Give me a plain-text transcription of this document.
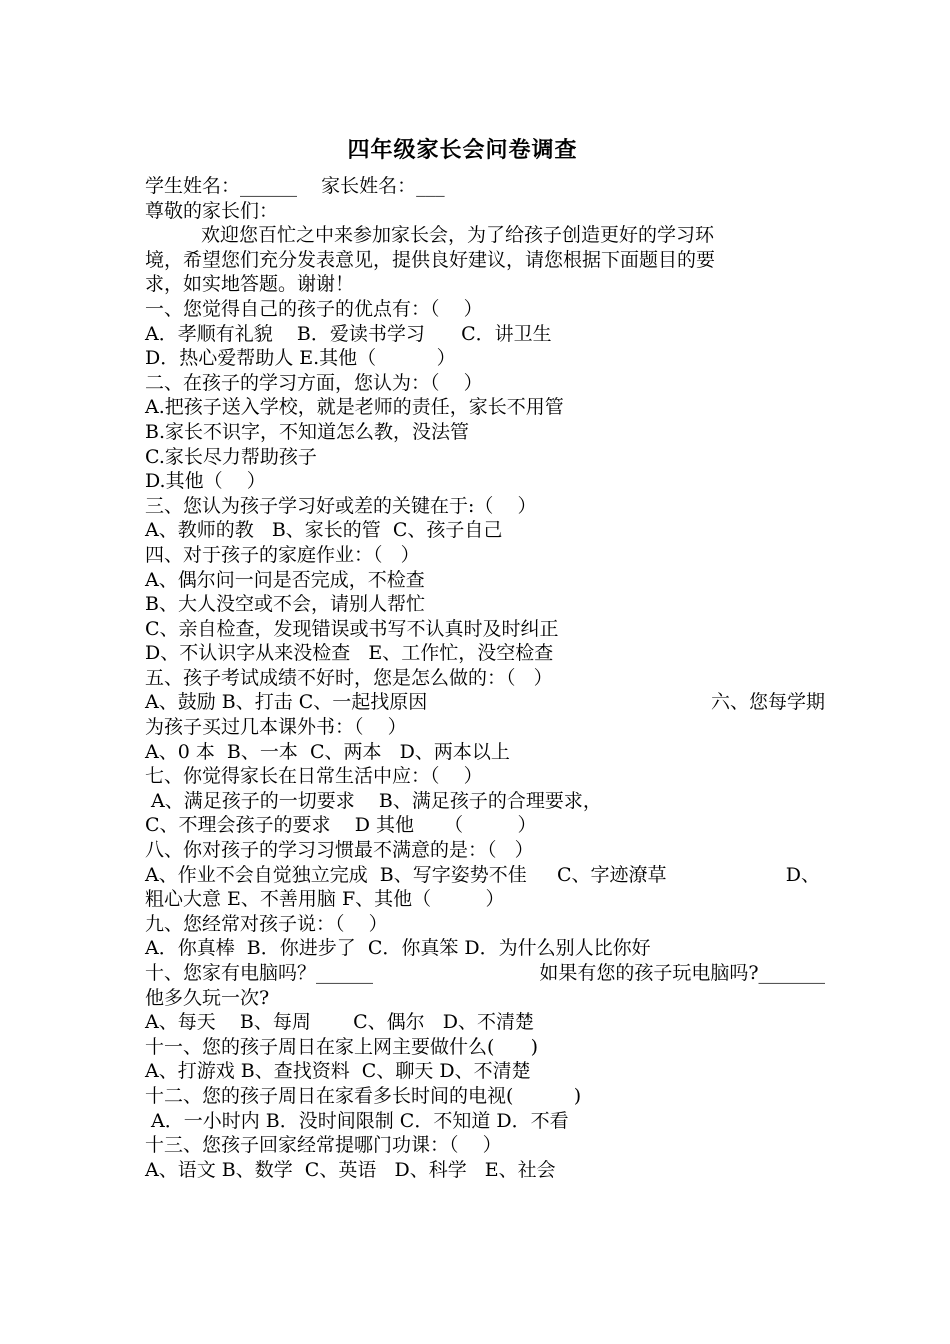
四年级家长会问卷调查
学生姓名：______    家长姓名：___
尊敬的家长们：
欢迎您百忙之中来参加家长会，为了给孩子创造更好的学习环
境，希望您们充分发表意见，提供良好建议，请您根据下面题目的要
求，如实地答题。谢谢！
一、您觉得自己的孩子的优点有：（    ）
A．孝顺有礼貌    B．爱读书学习      C．讲卫生
D．热心爱帮助人 E.其他（          ）
二、在孩子的学习方面，您认为：（    ）
A.把孩子送入学校，就是老师的责任，家长不用管
B.家长不识字，不知道怎么教，没法管
C.家长尽力帮助孩子
D.其他（    ）
三、您认为孩子学习好或差的关键在于:（    ）
A、教师的教   B、家长的管  C、孩子自己
四、对于孩子的家庭作业：（   ）
A、偶尔问一问是否完成，不检查
B、大人没空或不会，请别人帮忙
C、亲自检查，发现错误或书写不认真时及时纠正
D、不认识字从来没检查   E、工作忙，没空检查
五、孩子考试成绩不好时，您是怎么做的：（   ）
A、鼓励 B、打击 C、一起找原因	六、您每学期
为孩子买过几本课外书：（    ）
A、0 本  B、一本  C、两本   D、两本以上
七、你觉得家长在日常生活中应：（    ）
A、满足孩子的一切要求    B、满足孩子的合理要求，
C、不理会孩子的要求    D 其他     （         ）
八、你对孩子的学习习惯最不满意的是：（   ）
A、作业不会自觉独立完成  B、写字姿势不佳     C、字迹潦草	D、
粗心大意 E、不善用脑 F、其他（         ）
九、您经常对孩子说：（    ）
A．你真棒  B．你进步了  C．你真笨 D．为什么别人比你好
十、您家有电脑吗？______	如果有您的孩子玩电脑吗?_______
他多久玩一次?
A、每天    B、每周       C、偶尔   D、不清楚
十一、您的孩子周日在家上网主要做什么(      )
A、打游戏 B、查找资料  C、聊天 D、不清楚
十二、您的孩子周日在家看多长时间的电视(          )
A．一小时内 B．没时间限制 C．不知道 D．不看
十三、您孩子回家经常提哪门功课：（    ）
A、语文 B、数学  C、英语   D、科学   E、社会
